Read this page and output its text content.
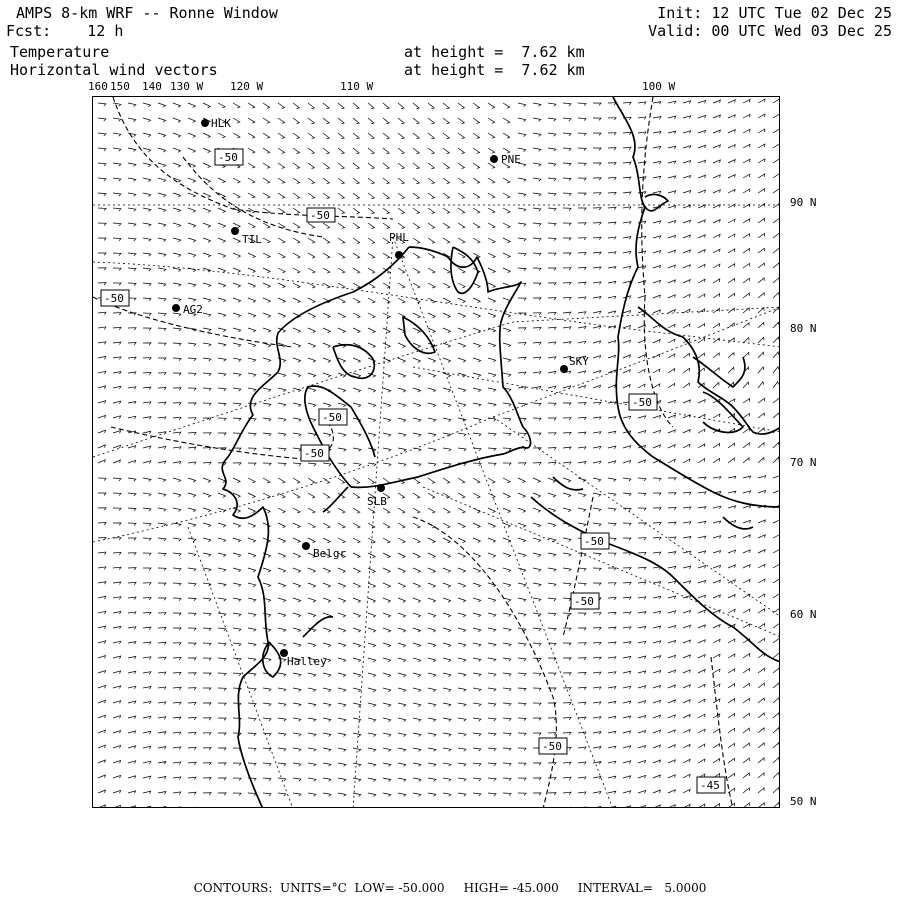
AMPS 8-km WRF -- Ronne Window
Fcst: 12 h
Temperature
Horizontal wind vectors
at height =  7.62 km
at height =  7.62 km
Init: 12 UTC Tue 02 Dec 25
Valid: 00 UTC Wed 03 Dec 25
160 150 140 130 W 120 W	110 W	100 W
90 N
80 N
70 N
60 N
50 N
-50
-50
-50
-50
-50
-50
-50
-50
-50
-45
HLK
PNE
TIL	PHL
AG2
SKY
SLB
Belgr
Halley
CONTOURS:  UNITS=°C  LOW= -50.000     HIGH= -45.000     INTERVAL=   5.0000
